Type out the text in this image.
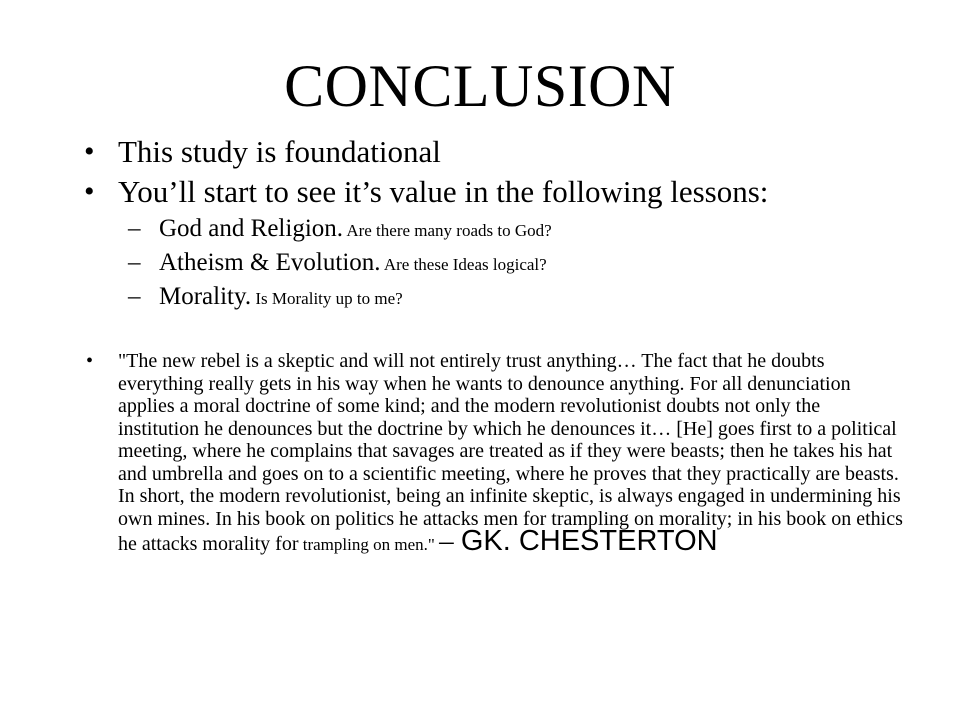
CONCLUSION
• This study is foundational
• You’ll start to see it’s value in the following lessons:
– God and Religion. Are there many roads to God?
– Atheism & Evolution. Are these Ideas logical?
– Morality. Is Morality up to me?
• "The new rebel is a skeptic and will not entirely trust anything… The fact that he doubts everything really gets in his way when he wants to denounce anything. For all denunciation applies a moral doctrine of some kind; and the modern revolutionist doubts not only the institution he denounces but the doctrine by which he denounces it… [He] goes first to a political meeting, where he complains that savages are treated as if they were beasts; then he takes his hat and umbrella and goes on to a scientific meeting, where he proves that they practically are beasts. In short, the modern revolutionist, being an infinite skeptic, is always engaged in undermining his own mines. In his book on politics he attacks men for trampling on morality; in his book on ethics he attacks morality for trampling on men." – GK. CHESTERTON
